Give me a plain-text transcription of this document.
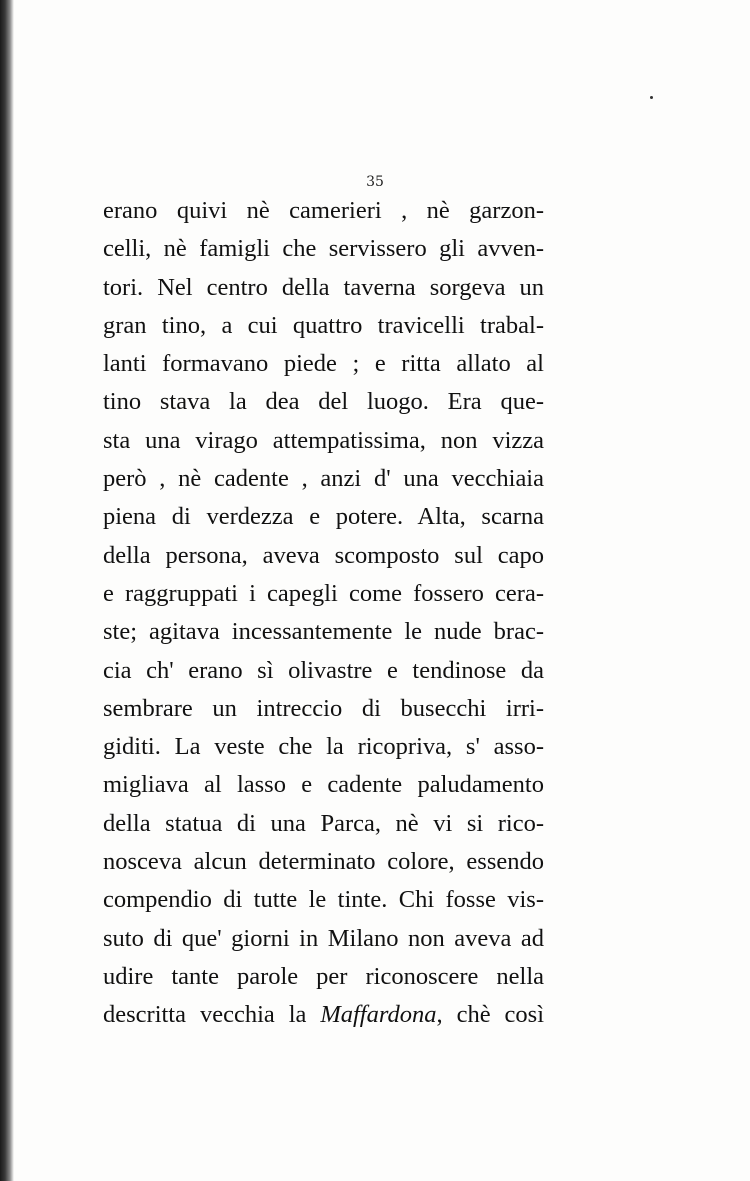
35
erano quivi nè camerieri , nè garzon-
celli, nè famigli che servissero gli avven-
tori. Nel centro della taverna sorgeva un
gran tino, a cui quattro travicelli trabal-
lanti formavano piede ; e ritta allato al
tino stava la dea del luogo. Era que-
sta una virago attempatissima, non vizza
però , nè cadente , anzi d' una vecchiaia
piena di verdezza e potere. Alta, scarna
della persona, aveva scomposto sul capo
e raggruppati i capegli come fossero cera-
ste; agitava incessantemente le nude brac-
cia ch' erano sì olivastre e tendinose da
sembrare un intreccio di busecchi irri-
giditi. La veste che la ricopriva, s' asso-
migliava al lasso e cadente paludamento
della statua di una Parca, nè vi si rico-
nosceva alcun determinato colore, essendo
compendio di tutte le tinte. Chi fosse vis-
suto di que' giorni in Milano non aveva ad
udire tante parole per riconoscere nella
descritta vecchia la Maffardona, chè così
